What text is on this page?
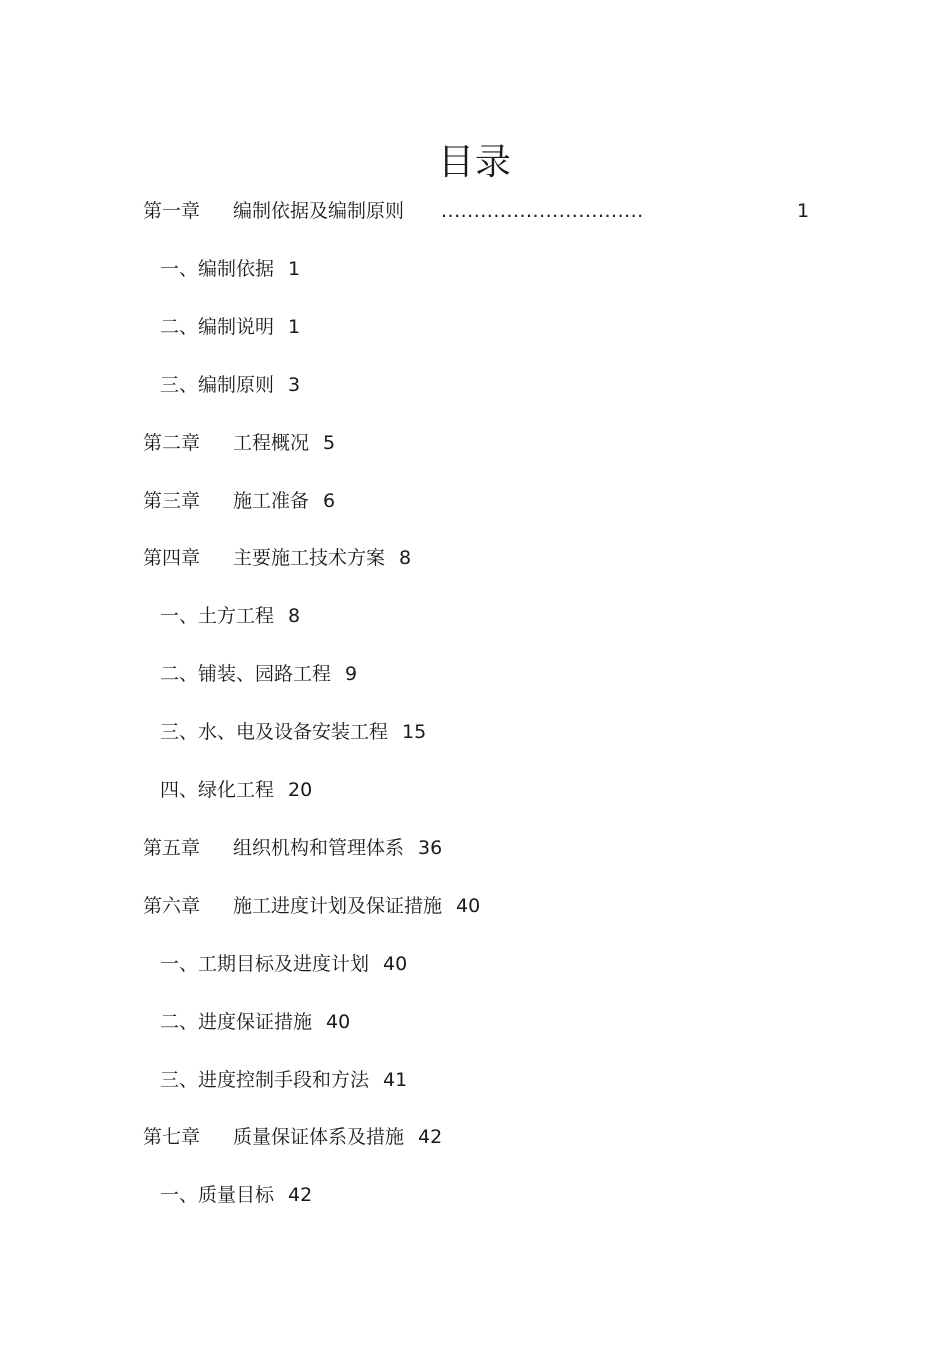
目录
第一章 编制依据及编制原则 ...............................	1
一、编制依据 1
二、编制说明 1
三、编制原则 3
第二章 工程概况 5
第三章 施工准备 6
第四章 主要施工技术方案 8
一、土方工程 8
二、铺装、园路工程 9
三、水、电及设备安装工程 15
四、绿化工程 20
第五章 组织机构和管理体系 36
第六章 施工进度计划及保证措施 40
一、工期目标及进度计划 40
二、进度保证措施 40
三、进度控制手段和方法 41
第七章 质量保证体系及措施 42
一、质量目标 42
